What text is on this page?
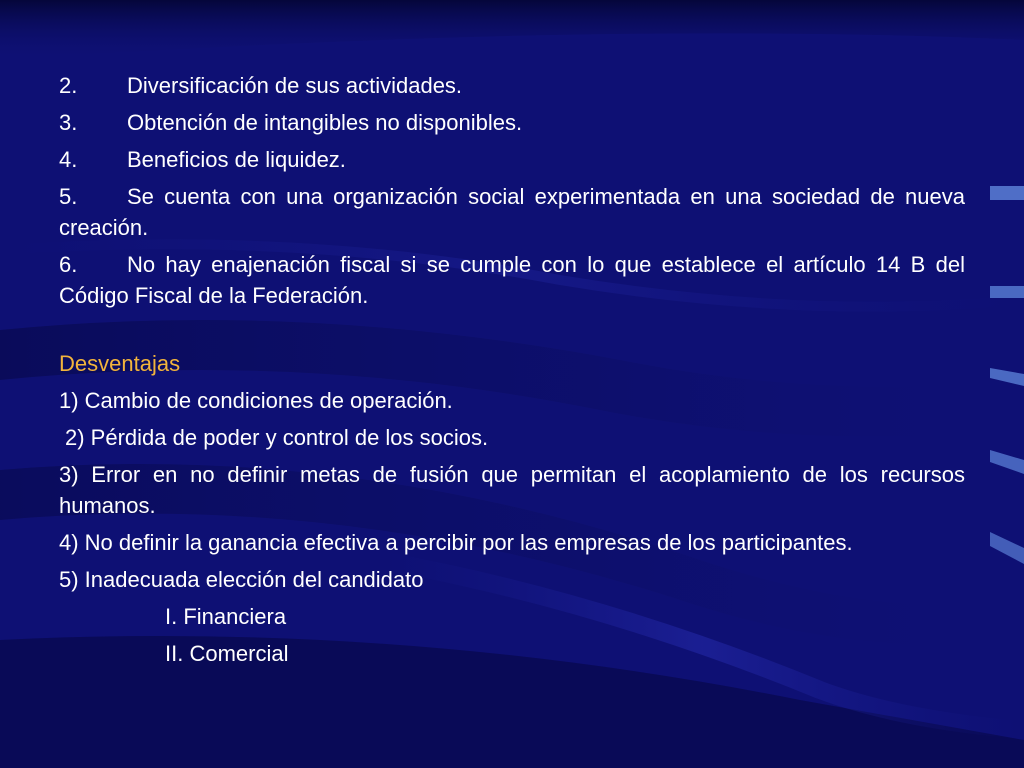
2. Diversificación de sus actividades.

3. Obtención de intangibles no disponibles.

4. Beneficios de liquidez.

5. Se cuenta con una organización social experimentada en una sociedad de nueva creación.

6. No hay enajenación fiscal si se cumple con lo que establece el artículo 14 B del Código Fiscal de la Federación.

Desventajas

1) Cambio de condiciones de operación.

2) Pérdida de poder y control de los socios.

3) Error en no definir metas de fusión que permitan el acoplamiento de los recursos humanos.

4) No definir la ganancia efectiva a percibir por las empresas de los participantes.

5) Inadecuada elección del candidato

I. Financiera

II. Comercial
